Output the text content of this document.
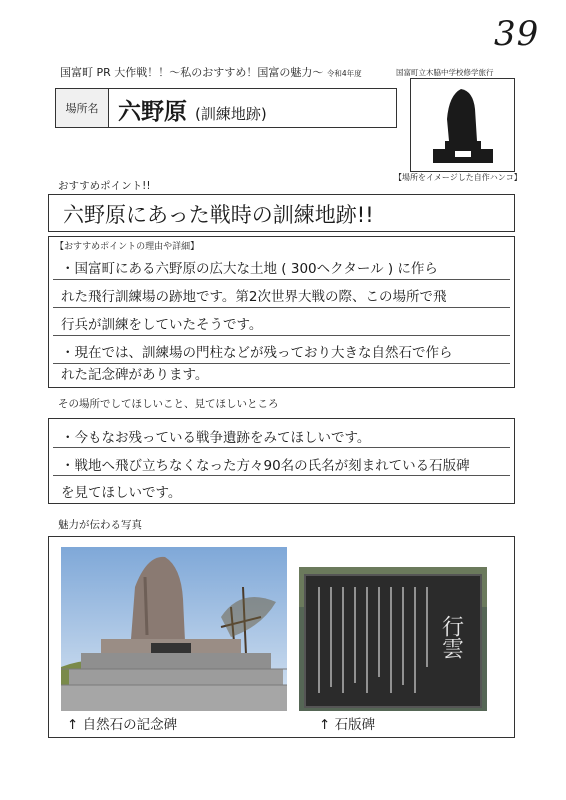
39
国富町 PR 大作戦！！～私のおすすめ！国富の魅力～ 令和4年度	国富町立木脇中学校修学旅行
場所名 六野原 (訓練地跡)
【場所をイメージした自作ハンコ】
おすすめポイント!!
六野原にあった戦時の訓練地跡!!
【おすすめポイントの理由や詳細】
・国富町にある六野原の広大な土地 ( 300ヘクタール ) に作ら
れた飛行訓練場の跡地です。第2次世界大戦の際、この場所で飛
行兵が訓練をしていたそうです。
・現在では、訓練場の門柱などが残っており大きな自然石で作ら
れた記念碑があります。
その場所でしてほしいこと、見てほしいところ
・今もなお残っている戦争遺跡をみてほしいです。
・戦地へ飛び立ちなくなった方々90名の氏名が刻まれている石版碑
を見てほしいです。
魅力が伝わる写真
行雲
↑ 自然石の記念碑	↑ 石版碑
